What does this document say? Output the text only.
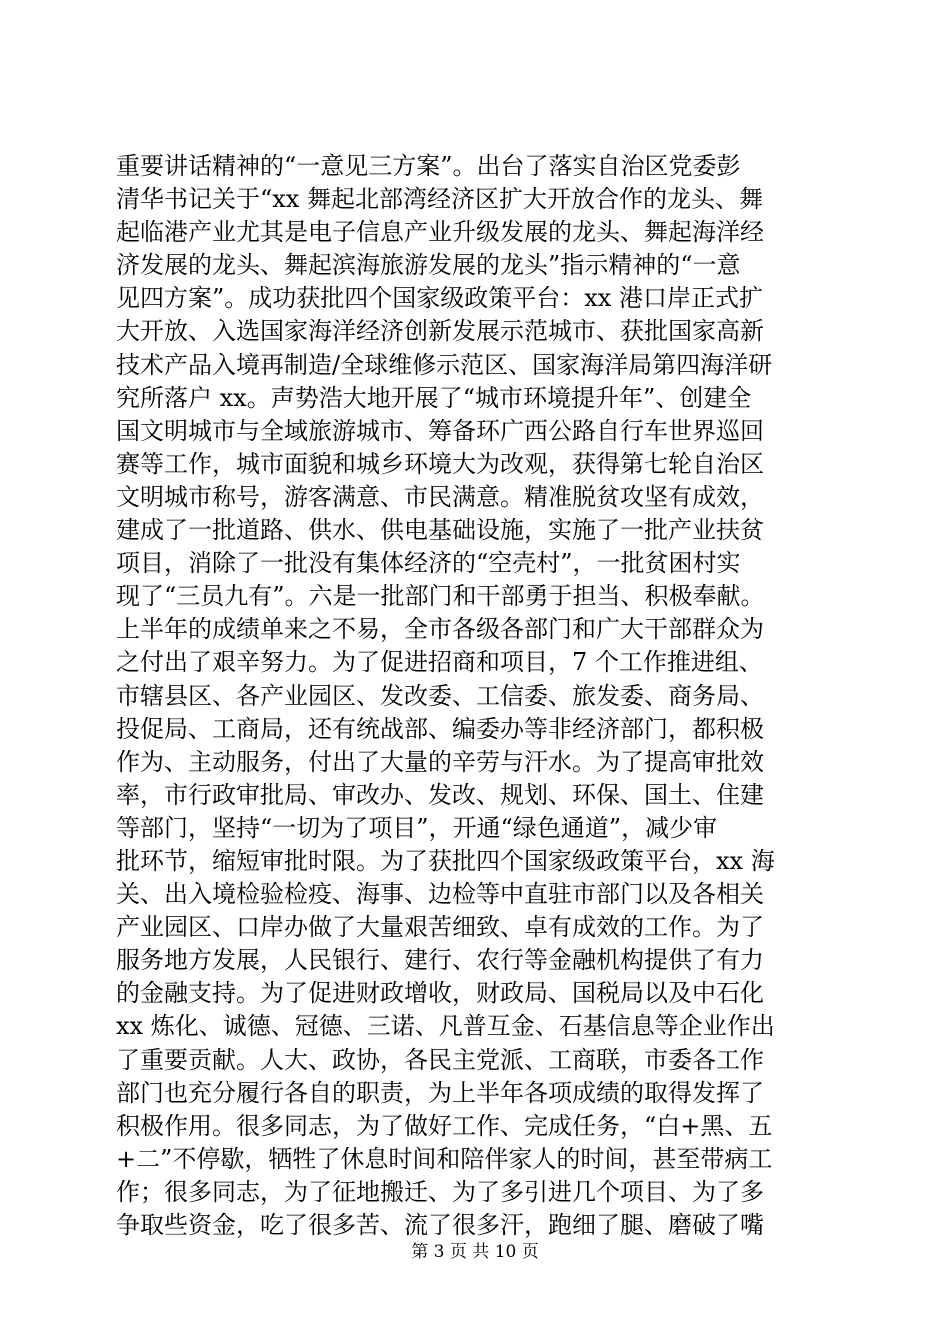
重要讲话精神的“一意见三方案”。出台了落实自治区党委彭
清华书记关于“xx 舞起北部湾经济区扩大开放合作的龙头、舞
起临港产业尤其是电子信息产业升级发展的龙头、舞起海洋经
济发展的龙头、舞起滨海旅游发展的龙头”指示精神的“一意
见四方案”。成功获批四个国家级政策平台：xx 港口岸正式扩
大开放、入选国家海洋经济创新发展示范城市、获批国家高新
技术产品入境再制造/全球维修示范区、国家海洋局第四海洋研
究所落户 xx。声势浩大地开展了“城市环境提升年”、创建全
国文明城市与全域旅游城市、筹备环广西公路自行车世界巡回
赛等工作，城市面貌和城乡环境大为改观，获得第七轮自治区
文明城市称号，游客满意、市民满意。精准脱贫攻坚有成效，
建成了一批道路、供水、供电基础设施，实施了一批产业扶贫
项目，消除了一批没有集体经济的“空壳村”，一批贫困村实
现了“三员九有”。六是一批部门和干部勇于担当、积极奉献。
上半年的成绩单来之不易，全市各级各部门和广大干部群众为
之付出了艰辛努力。为了促进招商和项目，7 个工作推进组、
市辖县区、各产业园区、发改委、工信委、旅发委、商务局、
投促局、工商局，还有统战部、编委办等非经济部门，都积极
作为、主动服务，付出了大量的辛劳与汗水。为了提高审批效
率，市行政审批局、审改办、发改、规划、环保、国土、住建
等部门，坚持“一切为了项目”，开通“绿色通道”，减少审
批环节，缩短审批时限。为了获批四个国家级政策平台，xx 海
关、出入境检验检疫、海事、边检等中直驻市部门以及各相关
产业园区、口岸办做了大量艰苦细致、卓有成效的工作。为了
服务地方发展，人民银行、建行、农行等金融机构提供了有力
的金融支持。为了促进财政增收，财政局、国税局以及中石化
xx 炼化、诚德、冠德、三诺、凡普互金、石基信息等企业作出
了重要贡献。人大、政协，各民主党派、工商联，市委各工作
部门也充分履行各自的职责，为上半年各项成绩的取得发挥了
积极作用。很多同志，为了做好工作、完成任务，“白+黑、五
+二”不停歇，牺牲了休息时间和陪伴家人的时间，甚至带病工
作；很多同志，为了征地搬迁、为了多引进几个项目、为了多
争取些资金，吃了很多苦、流了很多汗，跑细了腿、磨破了嘴
第 3 页 共 10 页
